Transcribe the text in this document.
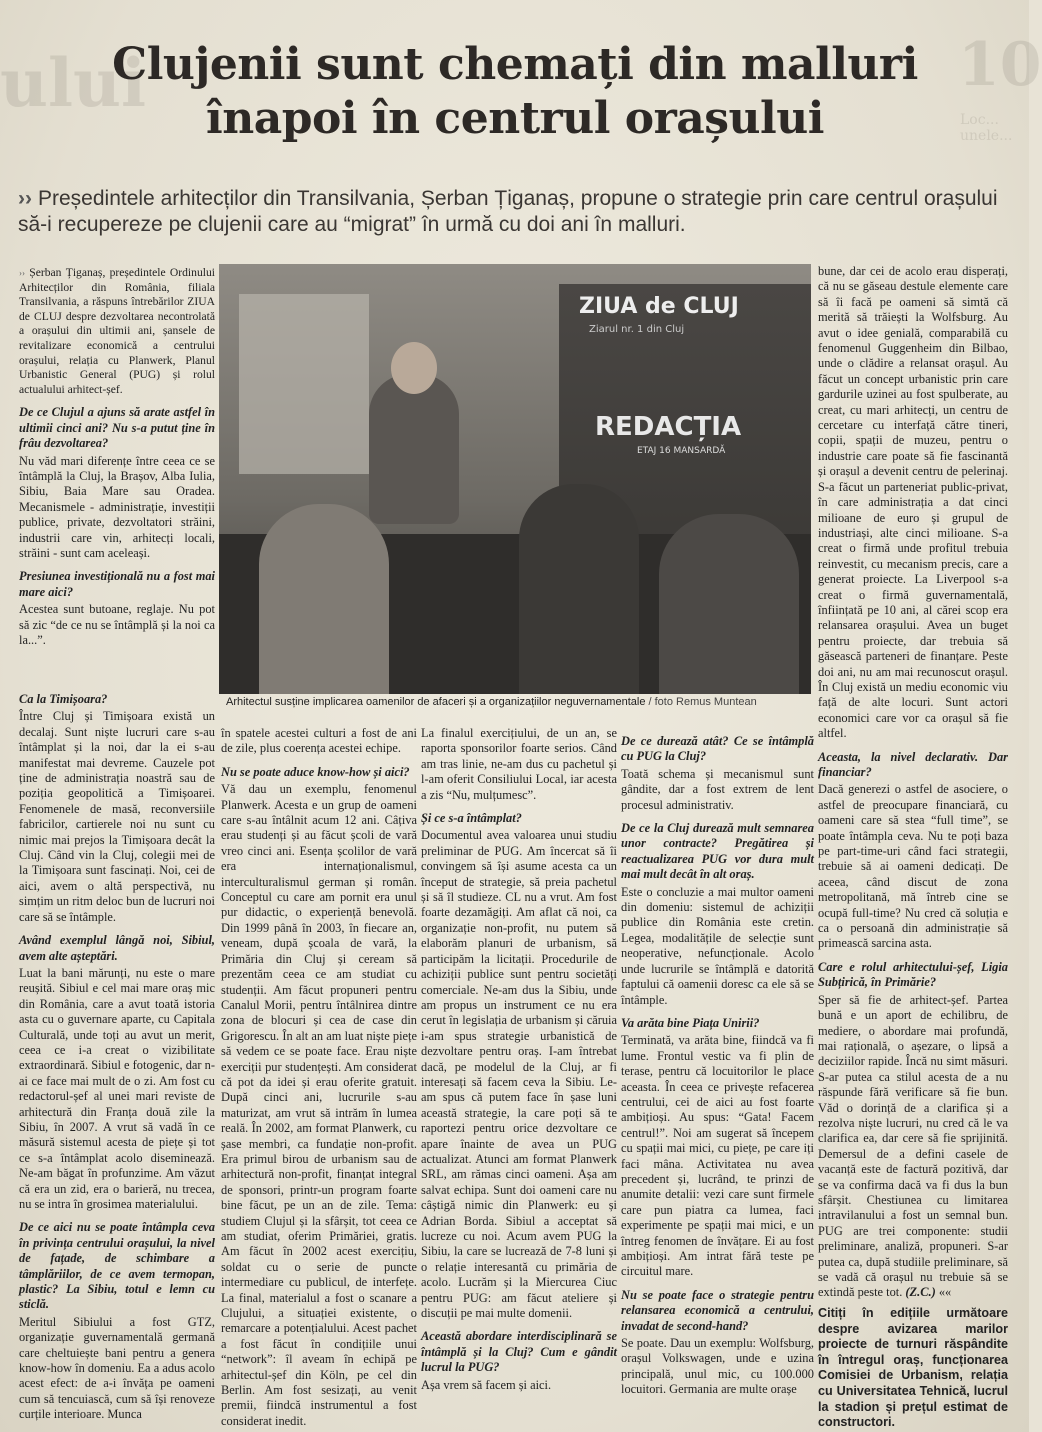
ului	10
Loc... unele...
Clujenii sunt chemați din malluri
înapoi în centrul orașului
›› Președintele arhitecților din Transilvania, Șerban Țiganaș, propune o strategie prin care centrul orașului să-i recupereze pe clujenii care au “migrat” în urmă cu doi ani în malluri.

›› Șerban Țiganaș, președintele Ordinului Arhitecților din România, filiala Transilvania, a răspuns întrebărilor ZIUA de CLUJ despre dezvoltarea necontrolată a orașului din ultimii ani, șansele de revitalizare economică a centrului orașului, relația cu Planwerk, Planul Urbanistic General (PUG) și rolul actualului arhitect-șef.

De ce Clujul a ajuns să arate astfel în ultimii cinci ani? Nu s-a putut ține în frâu dezvoltarea?

Nu văd mari diferențe între ceea ce se întâmplă la Cluj, la Brașov, Alba Iulia, Sibiu, Baia Mare sau Oradea. Mecanismele - administrație, investiții publice, private, dezvoltatori străini, industrii care vin, arhitecți locali, străini - sunt cam aceleași.

Presiunea investițională nu a fost mai mare aici?

Acestea sunt butoane, reglaje. Nu pot să zic “de ce nu se întâmplă și la noi ca la...”.

ZIUA de CLUJ
Ziarul nr. 1 din Cluj
REDACȚIA
ETAJ 16 MANSARDĂ
Arhitectul susține implicarea oamenilor de afaceri și a organizațiilor neguvernamentale / foto Remus Muntean

Ca la Timișoara?

Între Cluj și Timișoara există un decalaj. Sunt niște lucruri care s-au întâmplat și la noi, dar la ei s-au manifestat mai devreme. Cauzele pot ține de administrația noastră sau de poziția geopolitică a Timișoarei. Fenomenele de masă, reconversiile fabricilor, cartierele noi nu sunt cu nimic mai prejos la Timișoara decât la Cluj. Când vin la Cluj, colegii mei de la Timișoara sunt fascinați. Noi, cei de aici, avem o altă perspectivă, nu simțim un ritm deloc bun de lucruri noi care să se întâmple.

Având exemplul lângă noi, Sibiul, avem alte așteptări.

Luat la bani mărunți, nu este o mare reușită. Sibiul e cel mai mare oraș mic din România, care a avut toată istoria asta cu o guvernare aparte, cu Capitala Culturală, unde toți au avut un merit, ceea ce i-a creat o vizibilitate extraordinară. Sibiul e fotogenic, dar n-ai ce face mai mult de o zi. Am fost cu redactorul-șef al unei mari reviste de arhitectură din Franța două zile la Sibiu, în 2007. A vrut să vadă în ce măsură sistemul acesta de piețe și tot ce s-a întâmplat acolo diseminează. Ne-am băgat în profunzime. Am văzut că era un zid, era o barieră, nu trecea, nu se intra în grosimea materialului.

De ce aici nu se poate întâmpla ceva în privința centrului orașului, la nivel de fațade, de schimbare a tâmplăriilor, de ce avem termopan, plastic? La Sibiu, totul e lemn cu sticlă.

Meritul Sibiului a fost GTZ, organizație guvernamentală germană care cheltuiește bani pentru a genera know-how în domeniu. Ea a adus acolo acest efect: de a-i învăța pe oameni cum să tencuiască, cum să își renoveze curțile interioare. Munca

în spatele acestei culturi a fost de ani de zile, plus coerența acestei echipe.

Nu se poate aduce know-how și aici?

Vă dau un exemplu, fenomenul Planwerk. Acesta e un grup de oameni care s-au întâlnit acum 12 ani. Câțiva erau studenți și au făcut școli de vară vreo cinci ani. Esența școlilor de vară era internaționalismul, interculturalismul german și român. Conceptul cu care am pornit era unul pur didactic, o experiență benevolă. Din 1999 până în 2003, în fiecare an, veneam, după școala de vară, la Primăria din Cluj și ceream să prezentăm ceea ce am studiat cu studenții. Am făcut propuneri pentru Canalul Morii, pentru întâlnirea dintre zona de blocuri și cea de case din Grigorescu. În alt an am luat niște piețe să vedem ce se poate face. Erau niște exerciții pur studențești. Am considerat că pot da idei și erau oferite gratuit. După cinci ani, lucrurile s-au maturizat, am vrut să intrăm în lumea reală. În 2002, am format Planwerk, cu șase membri, ca fundație non-profit. Era primul birou de urbanism sau de arhitectură non-profit, finanțat integral de sponsori, printr-un program foarte bine făcut, pe un an de zile. Tema: studiem Clujul și la sfârșit, tot ceea ce am studiat, oferim Primăriei, gratis. Am făcut în 2002 acest exercițiu, soldat cu o serie de puncte intermediare cu publicul, de interfețe. La final, materialul a fost o scanare a Clujului, a situației existente, o remarcare a potențialului. Acest pachet a fost făcut în condițiile unui “network”: îl aveam în echipă pe arhitectul-șef din Köln, pe cel din Berlin. Am fost sesizați, au venit premii, fiindcă instrumentul a fost considerat inedit.

La finalul exercițiului, de un an, se raporta sponsorilor foarte serios. Când am tras linie, ne-am dus cu pachetul și l-am oferit Consiliului Local, iar acesta a zis “Nu, mulțumesc”.

Și ce s-a întâmplat?

Documentul avea valoarea unui studiu preliminar de PUG. Am încercat să îi convingem să își asume acesta ca un început de strategie, să preia pachetul și să îl studieze. CL nu a vrut. Am fost foarte dezamăgiți. Am aflat că noi, ca organizație non-profit, nu putem să elaborăm planuri de urbanism, să participăm la licitații. Procedurile de achiziții publice sunt pentru societăți comerciale. Ne-am dus la Sibiu, unde am propus un instrument ce nu era cerut în legislația de urbanism și căruia i-am spus strategie urbanistică de dezvoltare pentru oraș. I-am întrebat dacă, pe modelul de la Cluj, ar fi interesați să facem ceva la Sibiu. Le-am spus că putem face în șase luni această strategie, la care poți să te raportezi pentru orice dezvoltare ce apare înainte de avea un PUG actualizat. Atunci am format Planwerk SRL, am rămas cinci oameni. Așa am salvat echipa. Sunt doi oameni care nu câștigă nimic din Planwerk: eu și Adrian Borda. Sibiul a acceptat să lucreze cu noi. Acum avem PUG la Sibiu, la care se lucrează de 7-8 luni și o relație interesantă cu primăria de acolo. Lucrăm și la Miercurea Ciuc pentru PUG: am făcut ateliere și discuții pe mai multe domenii.

Această abordare interdisciplinară se întâmplă și la Cluj? Cum e gândit lucrul la PUG?

Așa vrem să facem și aici.

De ce durează atât? Ce se întâmplă cu PUG la Cluj?

Toată schema și mecanismul sunt gândite, dar a fost extrem de lent procesul administrativ.

De ce la Cluj durează mult semnarea unor contracte? Pregătirea și reactualizarea PUG vor dura mult mai mult decât în alt oraș.

Este o concluzie a mai multor oameni din domeniu: sistemul de achiziții publice din România este cretin. Legea, modalitățile de selecție sunt neoperative, nefuncționale. Acolo unde lucrurile se întâmplă e datorită faptului că oamenii doresc ca ele să se întâmple.

Va arăta bine Piața Unirii?

Terminată, va arăta bine, fiindcă va fi lume. Frontul vestic va fi plin de terase, pentru că locuitorilor le place aceasta. În ceea ce privește refacerea centrului, cei de aici au fost foarte ambițioși. Au spus: “Gata! Facem centrul!”. Noi am sugerat să începem cu spații mai mici, cu piețe, pe care iți faci mâna. Activitatea nu avea precedent și, lucrând, te prinzi de anumite detalii: vezi care sunt firmele care pun piatra ca lumea, faci experimente pe spații mai mici, e un întreg fenomen de învățare. Ei au fost ambițioși. Am intrat fără teste pe circuitul mare.

Nu se poate face o strategie pentru relansarea economică a centrului, invadat de second-hand?

Se poate. Dau un exemplu: Wolfsburg, orașul Volkswagen, unde e uzina principală, unul mic, cu 100.000 locuitori. Germania are multe orașe

bune, dar cei de acolo erau disperați, că nu se găseau destule elemente care să îi facă pe oameni să simtă că merită să trăiești la Wolfsburg. Au avut o idee genială, comparabilă cu fenomenul Guggenheim din Bilbao, unde o clădire a relansat orașul. Au făcut un concept urbanistic prin care gardurile uzinei au fost spulberate, au creat, cu mari arhitecți, un centru de cercetare cu interfață către tineri, copii, spații de muzeu, pentru o industrie care poate să fie fascinantă și orașul a devenit centru de pelerinaj. S-a făcut un parteneriat public-privat, în care administrația a dat cinci milioane de euro și grupul de industriași, alte cinci milioane. S-a creat o firmă unde profitul trebuia reinvestit, cu mecanism precis, care a generat proiecte. La Liverpool s-a creat o firmă guvernamentală, înființată pe 10 ani, al cărei scop era relansarea orașului. Avea un buget pentru proiecte, dar trebuia să găsească parteneri de finanțare. Peste doi ani, nu am mai recunoscut orașul. În Cluj există un mediu economic viu față de alte locuri. Sunt actori economici care vor ca orașul să fie altfel.

Aceasta, la nivel declarativ. Dar financiar?

Dacă generezi o astfel de asociere, o astfel de preocupare financiară, cu oameni care să stea “full time”, se poate întâmpla ceva. Nu te poți baza pe part-time-uri când faci strategii, trebuie să ai oameni dedicați. De aceea, când discut de zona metropolitană, mă întreb cine se ocupă full-time? Nu cred că soluția e ca o persoană din administrație să primească sarcina asta.

Care e rolul arhitectului-șef, Ligia Subțirică, în Primărie?

Sper să fie de arhitect-șef. Partea bună e un aport de echilibru, de mediere, o abordare mai profundă, mai rațională, o așezare, o lipsă a deciziilor rapide. Încă nu simt măsuri. S-ar putea ca stilul acesta de a nu răspunde fără verificare să fie bun. Văd o dorință de a clarifica și a rezolva niște lucruri, nu cred că le va clarifica ea, dar cere să fie sprijinită. Demersul de a defini casele de vacanță este de factură pozitivă, dar se va confirma dacă va fi dus la bun sfârșit. Chestiunea cu limitarea intravilanului a fost un semnal bun. PUG are trei componente: studii preliminare, analiză, propuneri. S-ar putea ca, după studiile preliminare, să se vadă că orașul nu trebuie să se extindă peste tot. (Z.C.) ««

Citiți în edițiile următoare despre avizarea marilor proiecte de turnuri răspândite în întregul oraș, funcționarea Comisiei de Urbanism, relația cu Universitatea Tehnică, lucrul la stadion și prețul estimat de constructori.
